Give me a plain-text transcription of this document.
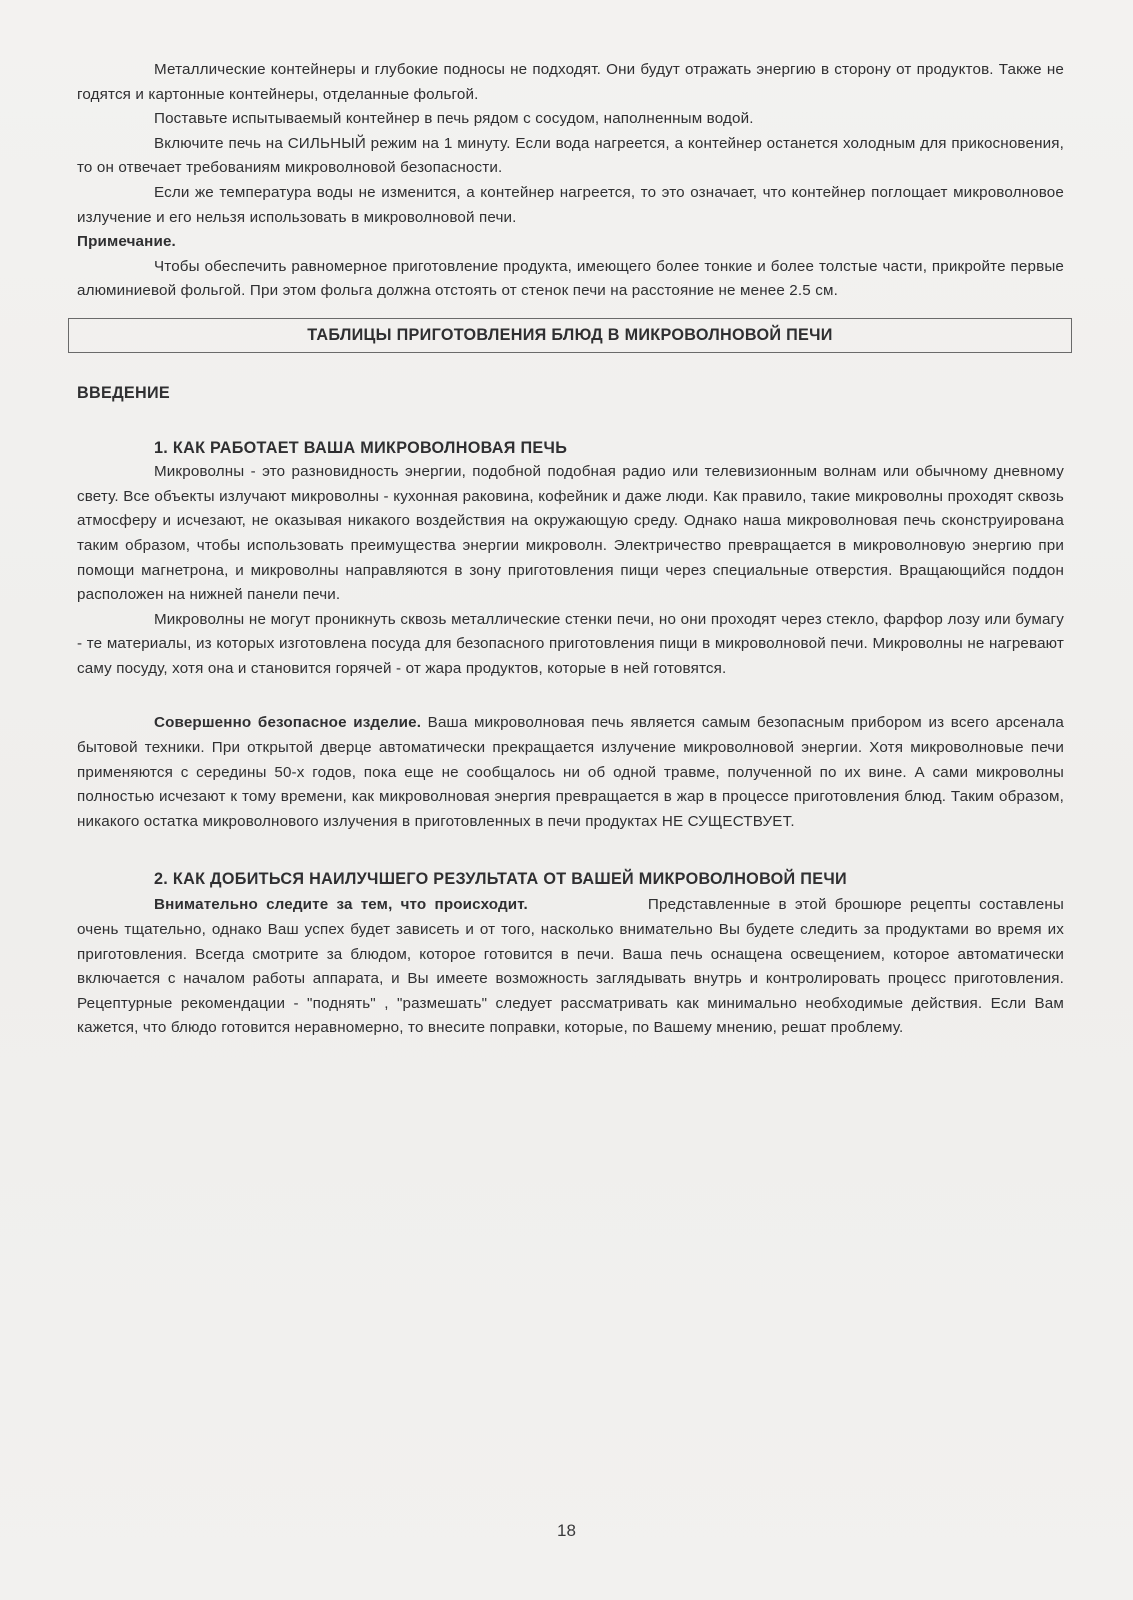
Металлические контейнеры и глубокие подносы не подходят. Они будут отражать энергию в сторону от продуктов. Также не годятся и картонные контейнеры, отделанные фольгой.

Поставьте испытываемый контейнер в печь рядом с сосудом, наполненным водой.

Включите печь на СИЛЬНЫЙ режим на 1 минуту. Если вода нагреется, а контейнер останется холодным для прикосновения, то он отвечает требованиям микроволновой безопасности.

Если же температура воды не изменится, а контейнер нагреется, то это означает, что контейнер поглощает микроволновое излучение и его нельзя использовать в микроволновой печи.

Примечание.

Чтобы обеспечить равномерное приготовление продукта, имеющего более тонкие и более толстые части, прикройте первые алюминиевой фольгой. При этом фольга должна отстоять от стенок печи на расстояние не менее 2.5 см.

ТАБЛИЦЫ ПРИГОТОВЛЕНИЯ БЛЮД В МИКРОВОЛНОВОЙ ПЕЧИ
ВВЕДЕНИЕ
1. КАК РАБОТАЕТ ВАША МИКРОВОЛНОВАЯ ПЕЧЬ

Микроволны - это разновидность энергии, подобной подобная радио или телевизионным волнам или обычному дневному свету. Все объекты излучают микроволны - кухонная раковина, кофейник и даже люди. Как правило, такие микроволны проходят сквозь атмосферу и исчезают, не оказывая никакого воздействия на окружающую среду. Однако наша микроволновая печь сконструирована таким образом, чтобы использовать преимущества энергии микроволн. Электричество превращается в микроволновую энергию при помощи магнетрона, и микроволны направляются в зону приготовления пищи через специальные отверстия. Вращающийся поддон расположен на нижней панели печи.

Микроволны не могут проникнуть сквозь металлические стенки печи, но они проходят через стекло, фарфор лозу или бумагу - те материалы, из которых изготовлена посуда для безопасного приготовления пищи в микроволновой печи. Микроволны не нагревают саму посуду, хотя она и становится горячей - от жара продуктов, которые в ней готовятся.

Совершенно безопасное изделие. Ваша микроволновая печь является самым безопасным прибором из всего арсенала бытовой техники. При открытой дверце автоматически прекращается излучение микроволновой энергии. Хотя микроволновые печи применяются с середины 50-х годов, пока еще не сообщалось ни об одной травме, полученной по их вине. А сами микроволны полностью исчезают к тому времени, как микроволновая энергия превращается в жар в процессе приготовления блюд. Таким образом, никакого остатка микроволнового излучения в приготовленных в печи продуктах НЕ СУЩЕСТВУЕТ.

2. КАК ДОБИТЬСЯ НАИЛУЧШЕГО РЕЗУЛЬТАТА ОТ ВАШЕЙ МИКРОВОЛНОВОЙ ПЕЧИ

Внимательно следите за тем, что происходит.	Представленные в этой брошюре рецепты составлены очень тщательно, однако Ваш успех будет зависеть и от того, насколько внимательно Вы будете следить за продуктами во время их приготовления. Всегда смотрите за блюдом, которое готовится в печи. Ваша печь оснащена освещением, которое автоматически включается с началом работы аппарата, и Вы имеете возможность заглядывать внутрь и контролировать процесс приготовления. Рецептурные рекомендации - "поднять" , "размешать" следует рассматривать как минимально необходимые действия. Если Вам кажется, что блюдо готовится неравномерно, то внесите поправки, которые, по Вашему мнению, решат проблему.

18
